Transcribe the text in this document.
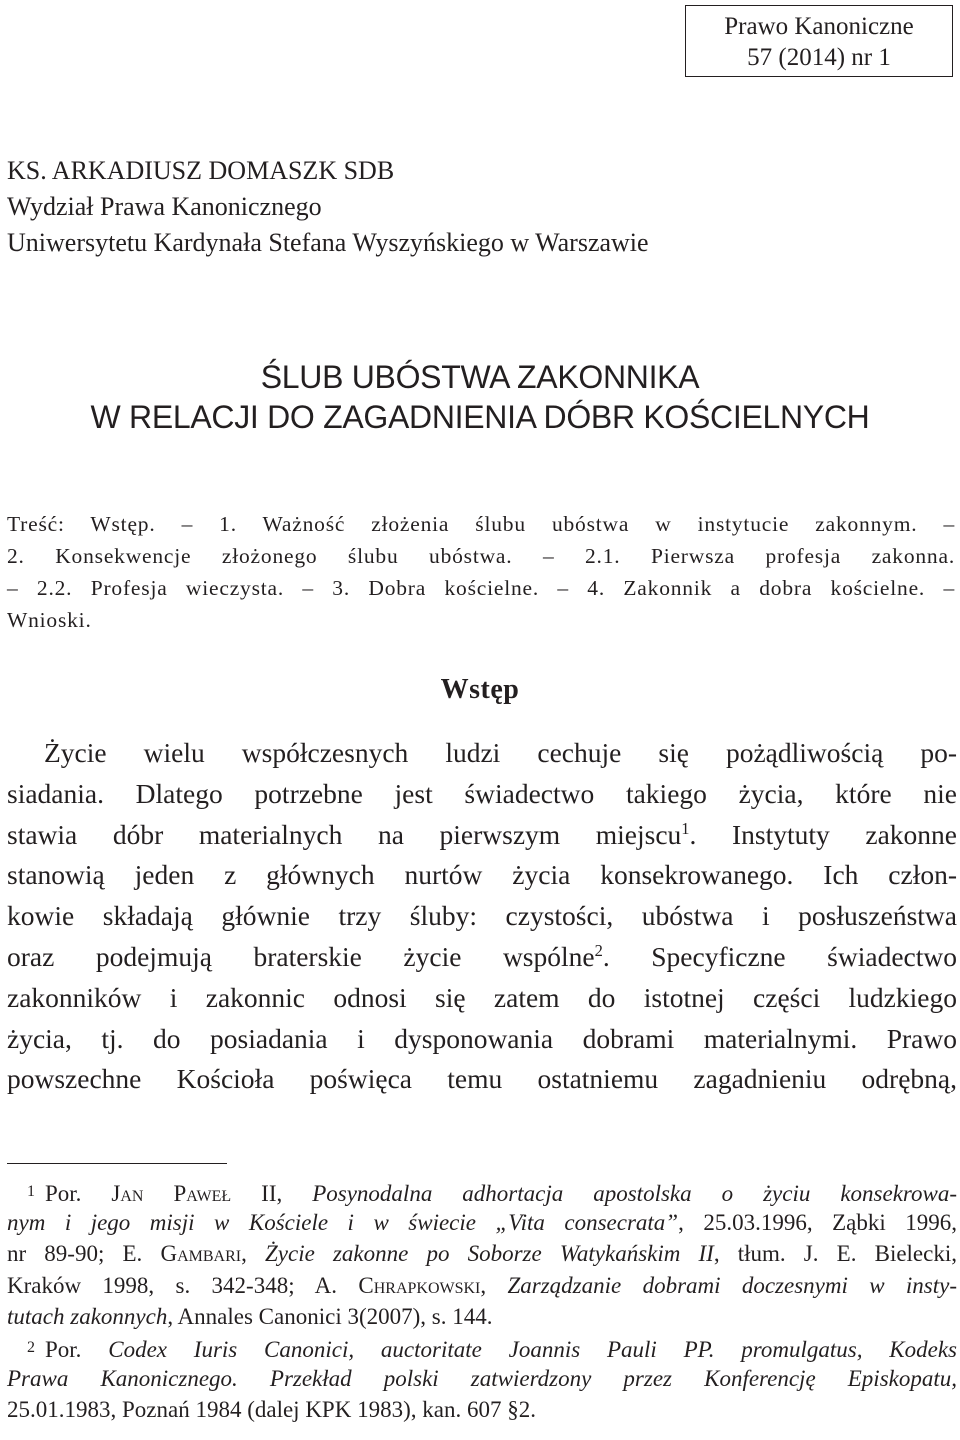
Prawo Kanoniczne
57 (2014) nr 1
KS. ARKADIUSZ DOMASZK SDB
Wydział Prawa Kanonicznego
Uniwersytetu Kardynała Stefana Wyszyńskiego w Warszawie
ŚLUB UBÓSTWA ZAKONNIKA
W RELACJI DO ZAGADNIENIA DÓBR KOŚCIELNYCH
Treść: Wstęp. – 1. Ważność złożenia ślubu ubóstwa w instytucie zakonnym. –
2. Konsekwencje złożonego ślubu ubóstwa. – 2.1. Pierwsza profesja zakonna.
– 2.2. Profesja wieczysta. – 3. Dobra kościelne. – 4. Zakonnik a dobra kościelne. –
Wnioski.
Wstęp
Życie wielu współczesnych ludzi cechuje się pożądliwością po-
siadania. Dlatego potrzebne jest świadectwo takiego życia, które nie
stawia dóbr materialnych na pierwszym miejscu$^1$. Instytuty zakonne
stanowią jeden z głównych nurtów życia konsekrowanego. Ich człon-
kowie składają głównie trzy śluby: czystości, ubóstwa i posłuszeństwa
oraz podejmują braterskie życie wspólne$^2$. Specyficzne świadectwo
zakonników i zakonnic odnosi się zatem do istotnej części ludzkiego
życia, tj. do posiadania i dysponowania dobrami materialnymi. Prawo
powszechne Kościoła poświęca temu ostatniemu zagadnieniu odrębną,
$^1$ Por. Jan Paweł II, Posynodalna adhortacja apostolska o życiu konsekrowa-
nym i jego misji w Kościele i w świecie „Vita consecrata”, 25.03.1996, Ząbki 1996,
nr 89-90; E. Gambari, Życie zakonne po Soborze Watykańskim II, tłum. J. E. Bielecki,
Kraków 1998, s. 342-348; A. Chrapkowski, Zarządzanie dobrami doczesnymi w insty-
tutach zakonnych, Annales Canonici 3(2007), s. 144.
$^2$ Por. Codex Iuris Canonici, auctoritate Joannis Pauli PP. promulgatus, Kodeks
Prawa Kanonicznego. Przekład polski zatwierdzony przez Konferencję Episkopatu,
25.01.1983, Poznań 1984 (dalej KPK 1983), kan. 607 §2.
